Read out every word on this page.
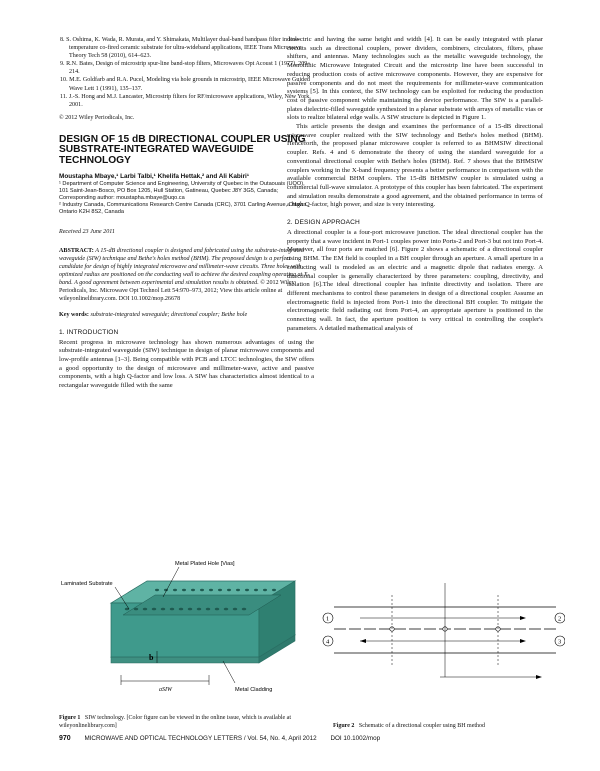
8. S. Oshima, K. Wada, R. Murata, and Y. Shimakata, Multilayer dual-band bandpass filter in low-temperature co-fired ceramic substrate for ultra-wideband applications, IEEE Trans Microwave Theory Tech 58 (2010), 614–623.

9. R.N. Bates, Design of microstrip spur-line band-stop filters, Microwaves Opt Acoust 1 (1977), 209–214.

10. M.E. Goldfarb and R.A. Pucel, Modeling via hole grounds in microstrip, IEEE Microwave Guided Wave Lett 1 (1991), 135–137.

11. J.-S. Hong and M.J. Lancaster, Microstrip filters for RF/microwave applications, Wiley, New York, 2001.

© 2012 Wiley Periodicals, Inc.

DESIGN OF 15 dB DIRECTIONAL COUPLER USING SUBSTRATE-INTEGRATED WAVEGUIDE TECHNOLOGY

Moustapha Mbaye,¹ Larbi Talbi,¹ Khelifa Hettak,² and Ali Kabiri¹

¹ Department of Computer Science and Engineering, University of Quebec in the Outaouais (UQO), 101 Saint-Jean-Bosco, PO Box 1205, Hull Station, Gatineau, Quebec J8Y 3G5, Canada; Corresponding author: moustapha.mbaye@uqo.ca

² Industry Canada, Communications Research Centre Canada (CRC), 3701 Carling Avenue, Ottawa, Ontario K2H 8S2, Canada

Received 23 June 2011

ABSTRACT: A 15-dB directional coupler is designed and fabricated using the substrate-integrated waveguide (SIW) technique and Bethe's holes method (BHM). The proposed design is a perfect candidate for design of highly integrated microwave and millimeter-wave circuits. Three holes with optimized radius are positioned on the conducting wall to achieve the desired coupling operating at X-band. A good agreement between experimental and simulation results is obtained. © 2012 Wiley Periodicals, Inc. Microwave Opt Technol Lett 54:970–973, 2012; View this article online at wileyonlinelibrary.com. DOI 10.1002/mop.26678

Key words: substrate-integrated waveguide; directional coupler; Bethe hole

1. INTRODUCTION

Recent progress in microwave technology has shown numerous advantages of using the substrate-integrated waveguide (SIW) technique in design of planar microwave components and low-profile antennas [1–3]. Being compatible with PCB and LTCC technologies, the SIW offers a good opportunity to the design of microwave and millimeter-wave, active and passive components, with a high Q-factor and low loss. A SIW has characteristics almost identical to a rectangular waveguide filled with the same

dielectric and having the same height and width [4]. It can be easily integrated with planar circuits such as directional couplers, power dividers, combiners, circulators, filters, phase shifters, and antennas. Many technologies such as the metallic waveguide technology, the Monolithic Microwave Integrated Circuit and the microstrip line have been successful in reducing production costs of active microwave components. However, they are expensive for passive components and do not meet the requirements for millimeter-wave communication systems [5]. In this context, the SIW technology can be exploited for reducing the production cost of passive component while maintaining the device performance. The SIW is a parallel-plates dielectric-filled waveguide synthesized in a planar substrate with arrays of metallic vias or slots to realize bilateral edge walls. A SIW structure is depicted in Figure 1.

This article presents the design and examines the performance of a 15-dB directional microwave coupler realized with the SIW technology and Bethe's holes method (BHM). Henceforth, the proposed planar microwave coupler is referred to as BHMSIW directional coupler. Refs. 4 and 6 demonstrate the theory of using the standard waveguide for a conventional directional coupler with Bethe's holes (BHM). Ref. 7 shows that the BHMSIW couplers working in the X-band frequency presents a better performance in comparison with the available commercial BHM couplers. The 15-dB BHMSIW coupler is simulated using a commercial full-wave simulator. A prototype of this coupler has been fabricated. The experiment and simulation results demonstrate a good agreement, and the obtained performance in terms of a high Q-factor, high power, and size is very interesting.

2. DESIGN APPROACH

A directional coupler is a four-port microwave junction. The ideal directional coupler has the property that a wave incident in Port-1 couples power into Ports-2 and Port-3 but not into Port-4. Moreover, all four ports are matched [6]. Figure 2 shows a schematic of a directional coupler using BHM. The EM field is coupled in a BH coupler through an aperture. A small aperture in a conducting wall is modeled as an electric and a magnetic dipole that radiates energy. A directional coupler is generally characterized by three parameters: coupling, directivity, and isolation [6].The ideal directional coupler has infinite directivity and isolation. There are different mechanisms to control these parameters in design of a directional coupler. Assume an electromagnetic field is injected from Port-1 into the directional BH coupler. To mitigate the electromagnetic field radiating out from Port-4, an appropriate aperture is positioned in the connecting wall. In fact, the aperture position is very critical in controlling the coupler's parameters. A detailed mathematical analysis of

Metal Plated Hole [Vias]
Laminated Substrate
Metal Cladding
b
aSIW

Figure 1 SIW technology. [Color figure can be viewed in the online issue, which is available at wileyonlinelibrary.com]

1	2
3
4

Figure 2 Schematic of a directional coupler using BH method

970 MICROWAVE AND OPTICAL TECHNOLOGY LETTERS / Vol. 54, No. 4, April 2012 DOI 10.1002/mop
